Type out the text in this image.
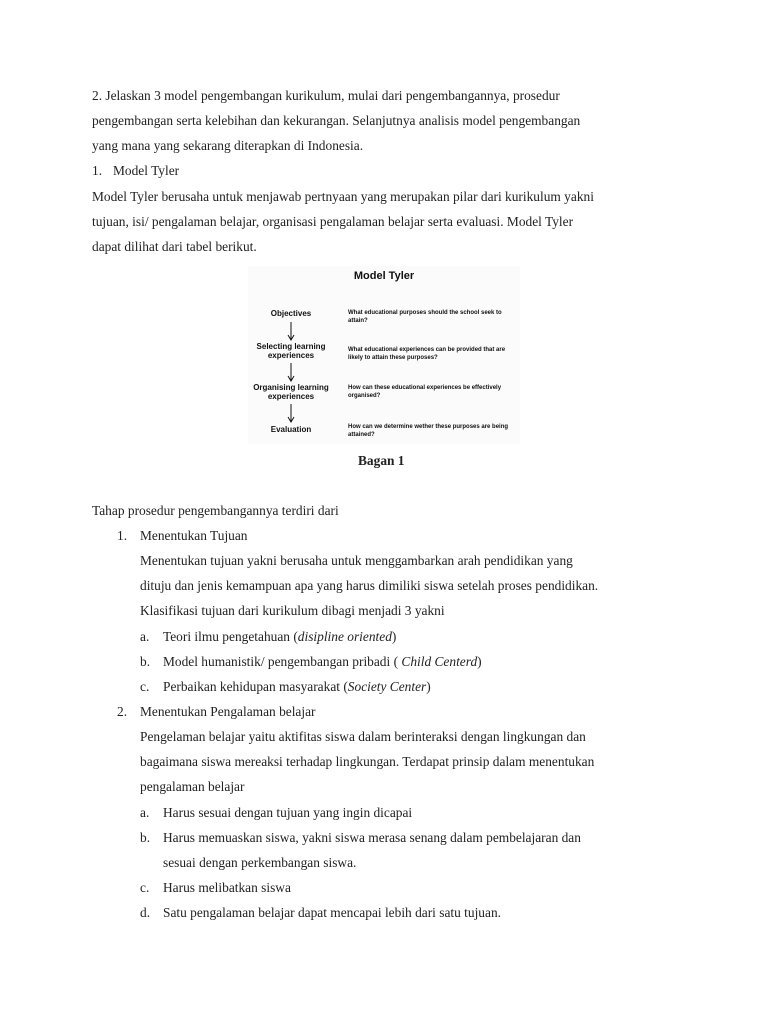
2. Jelaskan 3 model pengembangan kurikulum, mulai dari pengembangannya, prosedur
pengembangan serta kelebihan dan kekurangan. Selanjutnya analisis model pengembangan
yang mana yang sekarang diterapkan di Indonesia.
1. Model Tyler
Model Tyler berusaha untuk menjawab pertnyaan yang merupakan pilar dari kurikulum yakni
tujuan, isi/ pengalaman belajar, organisasi pengalaman belajar serta evaluasi. Model Tyler
dapat dilihat dari tabel berikut.
Model Tyler
Objectives	What educational purposes should the school seek to attain?
Selecting learning experiences
What educational experiences can be provided that are likely to attain these purposes?
Organising learning experiences
How can these educational experiences be effectively organised?
Evaluation	How can we determine wether these purposes are being attained?
Bagan 1
Tahap prosedur pengembangannya terdiri dari
1. Menentukan Tujuan
Menentukan tujuan yakni berusaha untuk menggambarkan arah pendidikan yang
dituju dan jenis kemampuan apa yang harus dimiliki siswa setelah proses pendidikan.
Klasifikasi tujuan dari kurikulum dibagi menjadi 3 yakni
a. Teori ilmu pengetahuan (disipline oriented)
b. Model humanistik/ pengembangan pribadi ( Child Centerd)
c. Perbaikan kehidupan masyarakat (Society Center)
2. Menentukan Pengalaman belajar
Pengelaman belajar yaitu aktifitas siswa dalam berinteraksi dengan lingkungan dan
bagaimana siswa mereaksi terhadap lingkungan. Terdapat prinsip dalam menentukan
pengalaman belajar
a. Harus sesuai dengan tujuan yang ingin dicapai
b. Harus memuaskan siswa, yakni siswa merasa senang dalam pembelajaran dan
sesuai dengan perkembangan siswa.
c. Harus melibatkan siswa
d. Satu pengalaman belajar dapat mencapai lebih dari satu tujuan.
